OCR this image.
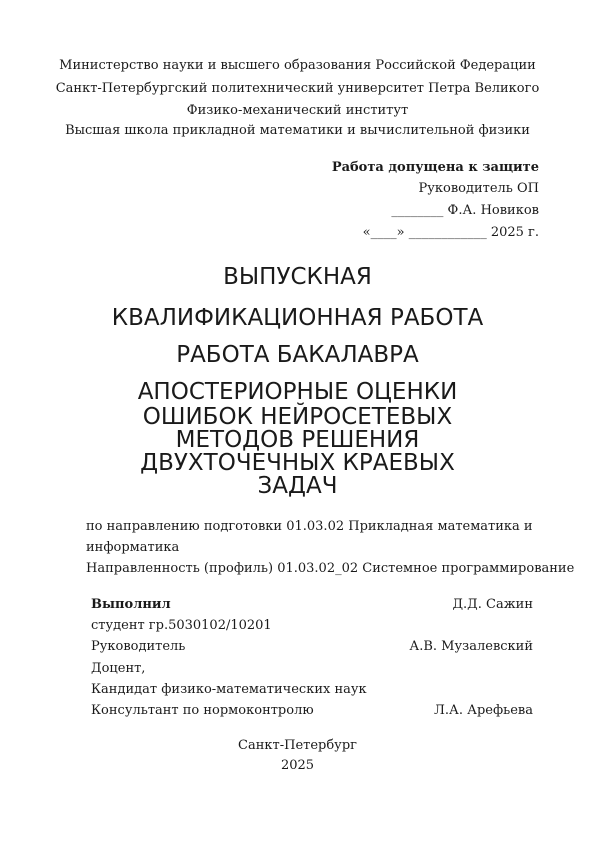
Министерство науки и высшего образования Российской Федерации
Санкт-Петербургский политехнический университет Петра Великого
Физико-механический институт
Высшая школа прикладной математики и вычислительной физики
Работа допущена к защите
Руководитель ОП
________ Ф.А. Новиков
«____» ____________ 2025 г.
ВЫПУСКНАЯ
КВАЛИФИКАЦИОННАЯ РАБОТА
РАБОТА БАКАЛАВРА
АПОСТЕРИОРНЫЕ ОЦЕНКИ
ОШИБОК НЕЙРОСЕТЕВЫХ
МЕТОДОВ РЕШЕНИЯ
ДВУХТОЧЕЧНЫХ КРАЕВЫХ
ЗАДАЧ
по направлению подготовки 01.03.02 Прикладная математика и
информатика
Направленность (профиль) 01.03.02_02 Системное программирование
Выполнил	Д.Д. Сажин
студент гр.5030102/10201
Руководитель	А.В. Музалевский
Доцент,
Кандидат физико-математических наук
Консультант по нормоконтролю	Л.А. Арефьева
Санкт-Петербург
2025
